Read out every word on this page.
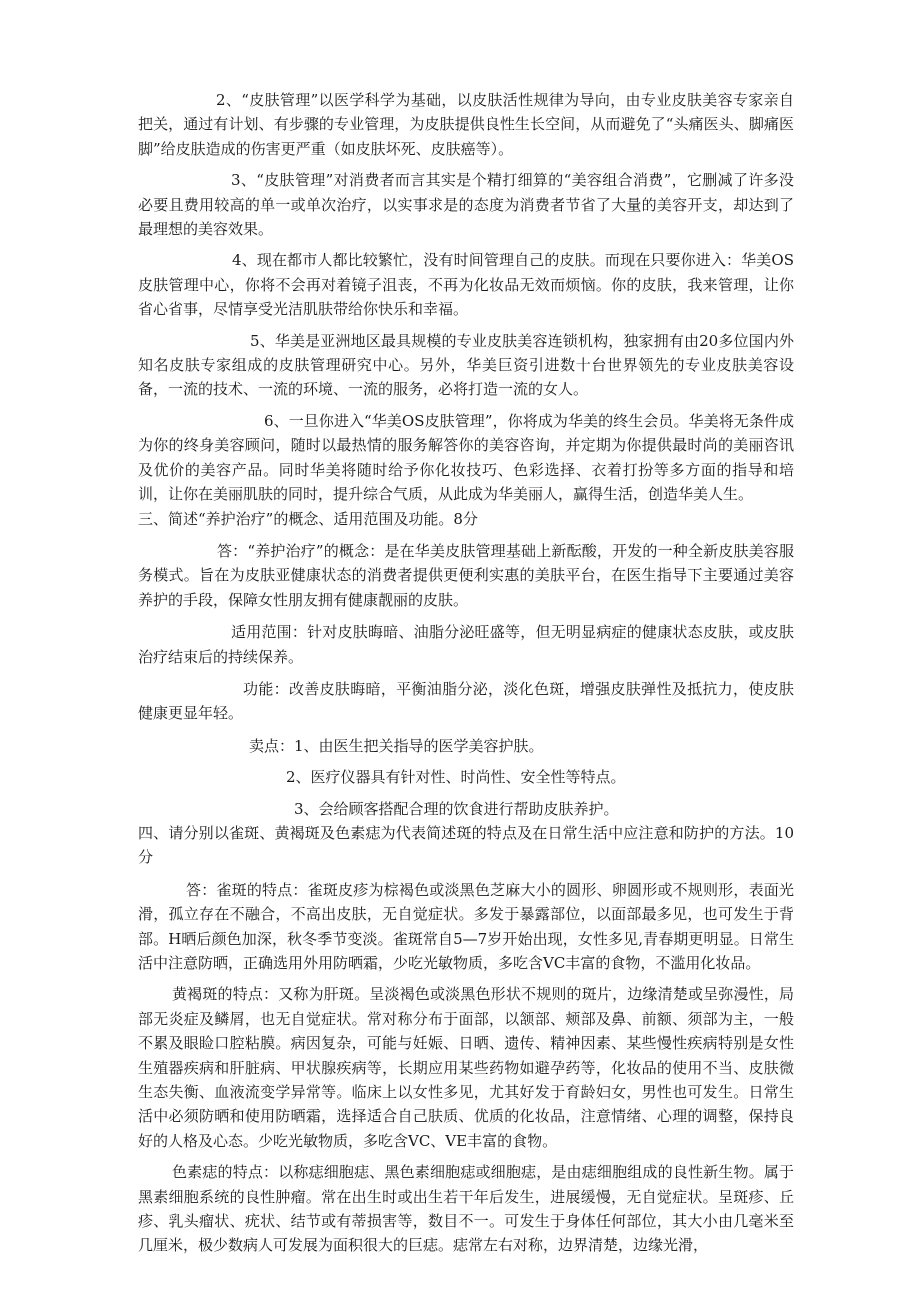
2、“皮肤管理”以医学科学为基础，以皮肤活性规律为导向，由专业皮肤美容专家亲自把关，通过有计划、有步骤的专业管理，为皮肤提供良性生长空间，从而避免了“头痛医头、脚痛医脚”给皮肤造成的伤害更严重（如皮肤坏死、皮肤癌等）。

3、“皮肤管理”对消费者而言其实是个精打细算的“美容组合消费”，它删减了许多没必要且费用较高的单一或单次治疗，以实事求是的态度为消费者节省了大量的美容开支，却达到了最理想的美容效果。

4、现在都市人都比较繁忙，没有时间管理自己的皮肤。而现在只要你进入：华美OS皮肤管理中心，你将不会再对着镜子沮丧，不再为化妆品无效而烦恼。你的皮肤，我来管理，让你省心省事，尽情享受光洁肌肤带给你快乐和幸福。

5、华美是亚洲地区最具规模的专业皮肤美容连锁机构，独家拥有由20多位国内外知名皮肤专家组成的皮肤管理研究中心。另外，华美巨资引进数十台世界领先的专业皮肤美容设备，一流的技术、一流的环境、一流的服务，必将打造一流的女人。

6、一旦你进入“华美OS皮肤管理”，你将成为华美的终生会员。华美将无条件成为你的终身美容顾问，随时以最热情的服务解答你的美容咨询，并定期为你提供最时尚的美丽咨讯及优价的美容产品。同时华美将随时给予你化妆技巧、色彩选择、衣着打扮等多方面的指导和培训，让你在美丽肌肤的同时，提升综合气质，从此成为华美丽人，赢得生活，创造华美人生。

三、简述“养护治疗”的概念、适用范围及功能。8分

答：“养护治疗”的概念：是在华美皮肤管理基础上新酝酸，开发的一种全新皮肤美容服务模式。旨在为皮肤亚健康状态的消费者提供更便利实惠的美肤平台，在医生指导下主要通过美容养护的手段，保障女性朋友拥有健康靓丽的皮肤。

适用范围：针对皮肤晦暗、油脂分泌旺盛等，但无明显病症的健康状态皮肤，或皮肤治疗结束后的持续保养。

功能：改善皮肤晦暗，平衡油脂分泌，淡化色斑，增强皮肤弹性及抵抗力，使皮肤健康更显年轻。

卖点：1、由医生把关指导的医学美容护肤。

2、医疗仪器具有针对性、时尚性、安全性等特点。

3、会给顾客搭配合理的饮食进行帮助皮肤养护。

四、请分别以雀斑、黄褐斑及色素痣为代表简述斑的特点及在日常生活中应注意和防护的方法。10分

答：雀斑的特点：雀斑皮疹为棕褐色或淡黑色芝麻大小的圆形、卵圆形或不规则形，表面光滑，孤立存在不融合，不高出皮肤，无自觉症状。多发于暴露部位，以面部最多见，也可发生于背部。H晒后颜色加深，秋冬季节变淡。雀斑常自5—7岁开始出现，女性多见,青春期更明显。日常生活中注意防晒，正确选用外用防晒霜，少吃光敏物质，多吃含VC丰富的食物，不滥用化妆品。

黄褐斑的特点：又称为肝斑。呈淡褐色或淡黑色形状不规则的斑片，边缘清楚或呈弥漫性，局部无炎症及鳞屑，也无自觉症状。常对称分布于面部，以颔部、颊部及鼻、前额、须部为主，一般不累及眼睑口腔粘膜。病因复杂，可能与妊娠、日晒、遗传、精神因素、某些慢性疾病特别是女性生殖器疾病和肝脏病、甲状腺疾病等，长期应用某些药物如避孕药等，化妆品的使用不当、皮肤微生态失衡、血液流变学异常等。临床上以女性多见，尤其好发于育龄妇女，男性也可发生。日常生活中必须防晒和使用防晒霜，选择适合自己肤质、优质的化妆品，注意情绪、心理的调整，保持良好的人格及心态。少吃光敏物质，多吃含VC、VE丰富的食物。

色素痣的特点：以称痣细胞痣、黑色素细胞痣或细胞痣，是由痣细胞组成的良性新生物。属于黑素细胞系统的良性肿瘤。常在出生时或出生若干年后发生，进展缓慢，无自觉症状。呈斑疹、丘疹、乳头瘤状、疣状、结节或有蒂损害等，数目不一。可发生于身体任何部位，其大小由几毫米至几厘米，极少数病人可发展为面积很大的巨痣。痣常左右对称，边界清楚，边缘光滑，
